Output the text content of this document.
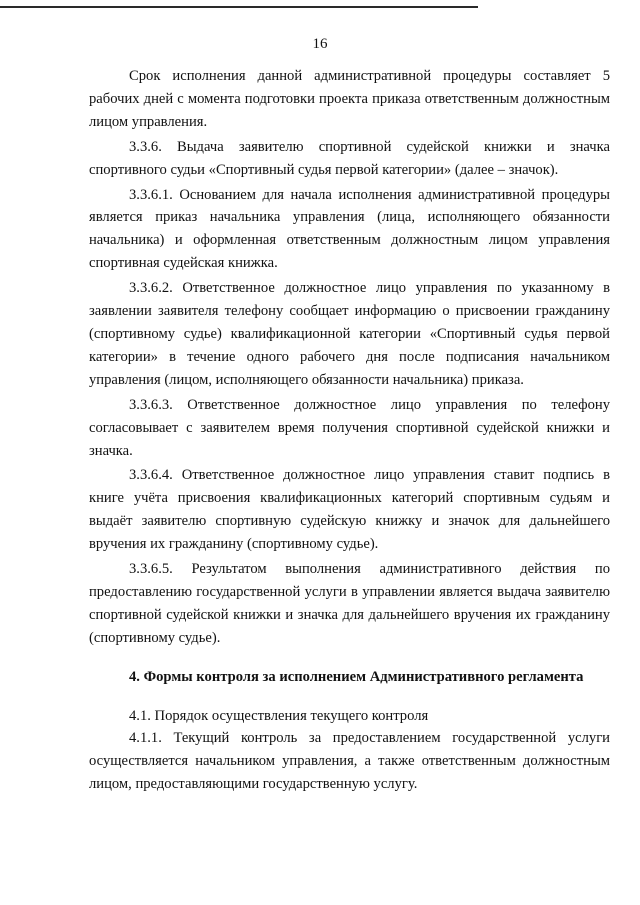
16

Срок исполнения данной административной процедуры составляет 5 рабочих дней с момента подготовки проекта приказа ответственным должностным лицом управления.

3.3.6. Выдача заявителю спортивной судейской книжки и значка спортивного судьи «Спортивный судья первой категории» (далее – значок).

3.3.6.1. Основанием для начала исполнения административной процедуры является приказ начальника управления (лица, исполняющего обязанности начальника) и оформленная ответственным должностным лицом управления спортивная судейская книжка.

3.3.6.2. Ответственное должностное лицо управления по указанному в заявлении заявителя телефону сообщает информацию о присвоении гражданину (спортивному судье) квалификационной категории «Спортивный судья первой категории» в течение одного рабочего дня после подписания начальником управления (лицом, исполняющего обязанности начальника) приказа.

3.3.6.3. Ответственное должностное лицо управления по телефону согласовывает с заявителем время получения спортивной судейской книжки и значка.

3.3.6.4. Ответственное должностное лицо управления ставит подпись в книге учёта присвоения квалификационных категорий спортивным судьям и выдаёт заявителю спортивную судейскую книжку и значок для дальнейшего вручения их гражданину (спортивному судье).

3.3.6.5. Результатом выполнения административного действия по предоставлению государственной услуги в управлении является выдача заявителю спортивной судейской книжки и значка для дальнейшего вручения их гражданину (спортивному судье).

4. Формы контроля за исполнением Административного регламента

4.1. Порядок осуществления текущего контроля

4.1.1. Текущий контроль за предоставлением государственной услуги осуществляется начальником управления, а также ответственным должностным лицом, предоставляющими государственную услугу.
